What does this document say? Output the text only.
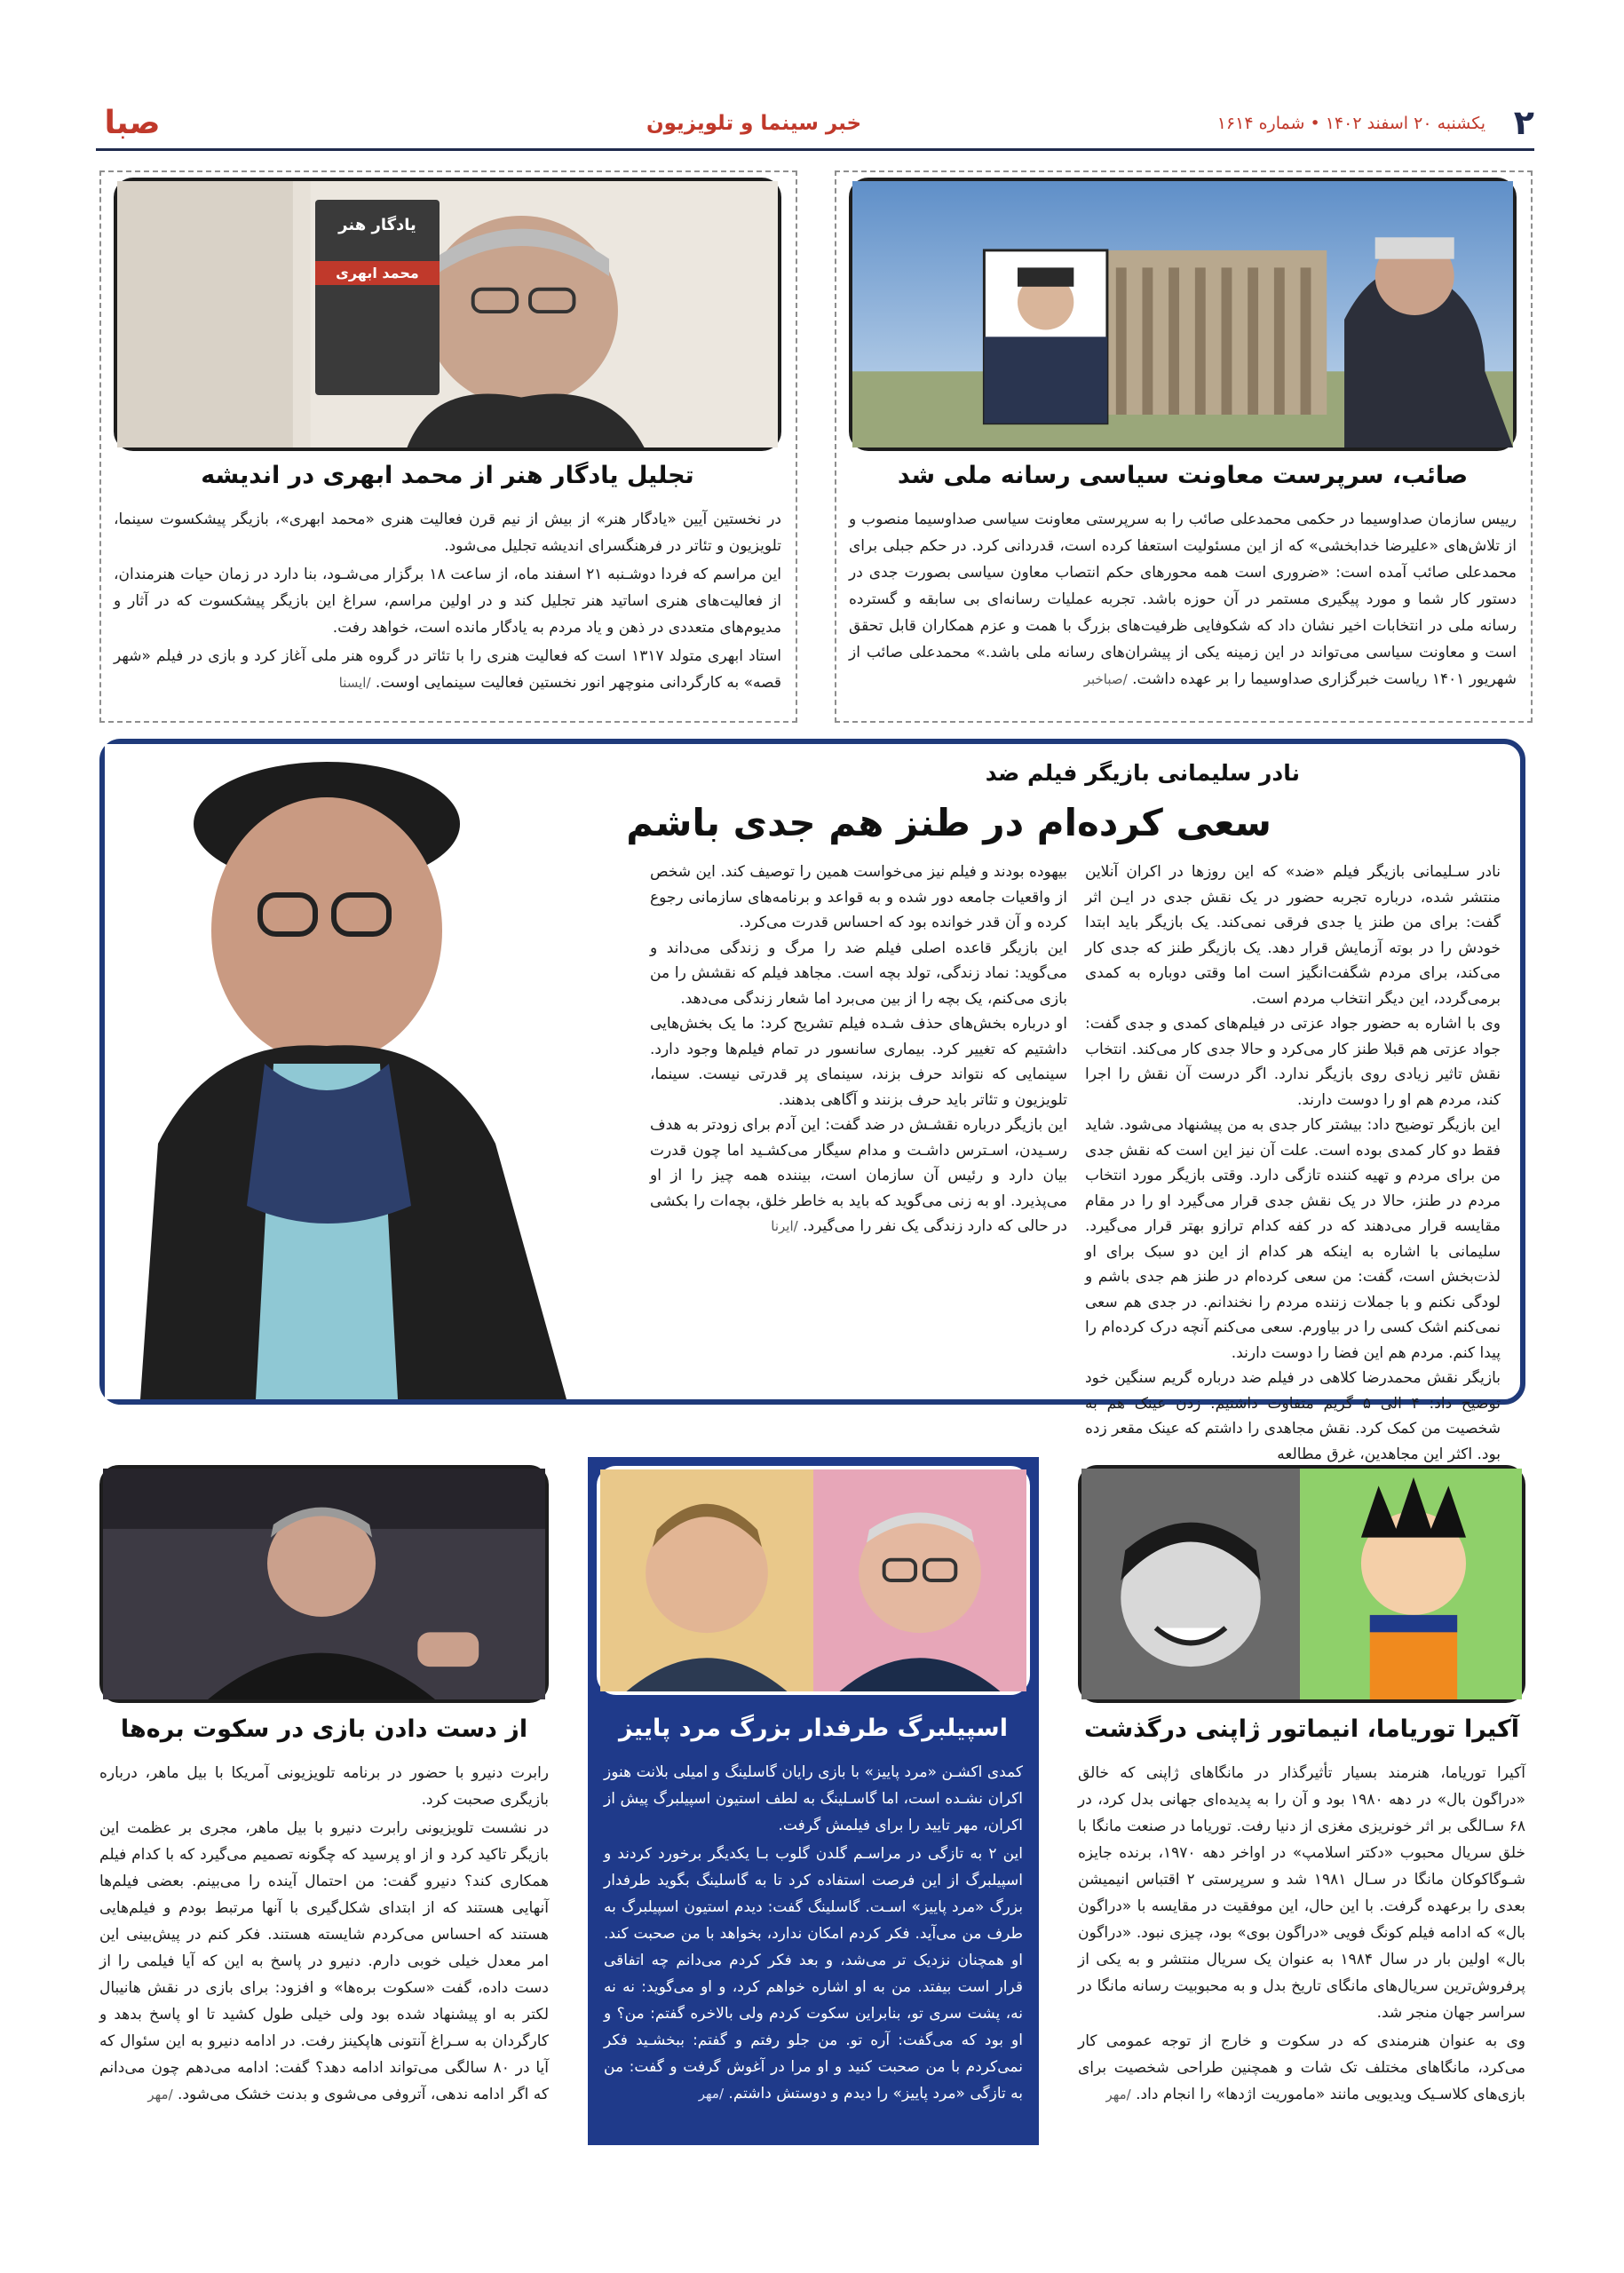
۲
یکشنبه ۲۰ اسفند ۱۴۰۲ • شماره ۱۶۱۴
خبر سینما و تلویزیون
صبا
صائب، سرپرست معاونت سیاسی رسانه ملی شد

رییس سازمان صداوسیما در حکمی محمدعلی صائب را به سرپرستی معاونت سیاسی صداوسیما منصوب و از تلاش‌های «علیرضا خدابخشی» که از این مسئولیت استعفا کرده است، قدردانی کرد. در حکم جبلی برای محمدعلی صائب آمده است: «ضروری است همه محورهای حکم انتصاب معاون سیاسی بصورت جدی در دستور کار شما و مورد پیگیری مستمر در آن حوزه باشد. تجربه عملیات رسانه‌ای بی سابقه و گسترده رسانه ملی در انتخابات اخیر نشان داد که شکوفایی ظرفیت‌های بزرگ با همت و عزم همکاران قابل تحقق است و معاونت سیاسی می‌تواند در این زمینه یکی از پیشران‌های رسانه ملی باشد.» محمدعلی صائب از شهریور ۱۴۰۱ ریاست خبرگزاری صداوسیما را بر عهده داشت. /صباخبر

یادگار هنر
محمد ابهری
تجلیل یادگار هنر از محمد ابهری در اندیشه

در نخستین آیین «یادگار هنر» از بیش از نیم قرن فعالیت هنری «محمد ابهری»، بازیگر پیشکسوت سینما، تلویزیون و تئاتر در فرهنگسرای اندیشه تجلیل می‌شود.

این مراسم که فردا دوشـنبه ۲۱ اسفند ماه، از ساعت ۱۸ برگزار می‌شـود، بنا دارد در زمان حیات هنرمندان، از فعالیت‌های هنری اساتید هنر تجلیل کند و در اولین مراسم، سراغ این بازیگر پیشکسوت که در آثار و مدیوم‌های متعددی در ذهن و یاد مردم به یادگار مانده است، خواهد رفت.

استاد ابهری متولد ۱۳۱۷ است که فعالیت هنری را با تئاتر در گروه هنر ملی آغاز کرد و بازی در فیلم «شهر قصه» به کارگردانی منوچهر انور نخستین فعالیت سینمایی اوست. /ایسنا

نادر سلیمانی بازیگر فیلم ضد
سعی کرده‌ام در طنز هم جدی باشم

نادر سـلیمانی بازیگر فیلم «ضد» که این روزها در اکران آنلاین منتشر شده، درباره تجربه حضور در یک نقش جدی در ایـن اثر گفت: برای من طنز یا جدی فرقی نمی‌کند. یک بازیگر باید ابتدا خودش را در بوته آزمایش قرار دهد. یک بازیگر طنز که جدی کار می‌کند، برای مردم شگفت‌انگیز است اما وقتی دوباره به کمدی برمی‌گردد، این دیگر انتخاب مردم است.

وی با اشاره به حضور جواد عزتی در فیلم‌های کمدی و جدی گفت: جواد عزتی هم قبلا طنز کار می‌کرد و حالا جدی کار می‌کند. انتخاب نقش تاثیر زیادی روی بازیگر ندارد. اگر درست آن نقش را اجرا کند، مردم هم او را دوست دارند.

این بازیگر توضیح داد: بیشتر کار جدی به من پیشنهاد می‌شود. شاید فقط دو کار کمدی بوده است. علت آن نیز این است که نقش جدی من برای مردم و تهیه کننده تازگی دارد. وقتی بازیگر مورد انتخاب مردم در طنز، حالا در یک نقش جدی قرار می‌گیرد او را در مقام مقایسه قرار می‌دهند که در کفه کدام ترازو بهتر قرار می‌گیرد. سلیمانی با اشاره به اینکه هر کدام از این دو سبک برای او لذت‌بخش است، گفت: من سعی کرده‌ام در طنز هم جدی باشم و لودگی نکنم و با جملات زننده مردم را نخندانم. در جدی هم سعی نمی‌کنم اشک کسی را در بیاورم. سعی می‌کنم آنچه درک کرده‌ام را پیدا کنم. مردم هم این فضا را دوست دارند.

بازیگر نقش محمدرضا کلاهی در فیلم ضد درباره گریم سنگین خود توضیح داد: ۴ الی ۵ گریم متفاوت داشتیم. زدن عینک هم به شخصیت من کمک کرد. نقش مجاهدی را داشتم که عینک مقعر زده بود. اکثر این مجاهدین، غرق مطالعه

بیهوده بودند و فیلم نیز می‌خواست همین را توصیف کند. این شخص از واقعیات جامعه دور شده و به قواعد و برنامه‌های سازمانی رجوع کرده و آن قدر خوانده بود که احساس قدرت می‌کرد.

این بازیگر قاعده اصلی فیلم ضد را مرگ و زندگی می‌داند و می‌گوید: نماد زندگی، تولد بچه است. مجاهد فیلم که نقشش را من بازی می‌کنم، یک بچه را از بین می‌برد اما شعار زندگی می‌دهد.

او درباره بخش‌های حذف شـده فیلم تشریح کرد: ما یک بخش‌هایی داشتیم که تغییر کرد. بیماری سانسور در تمام فیلم‌ها وجود دارد. سینمایی که نتواند حرف بزند، سینمای پر قدرتی نیست. سینما، تلویزیون و تئاتر باید حرف بزنند و آگاهی بدهند.

این بازیگر درباره نقشـش در ضد گفت: این آدم برای زودتر به هدف رسـیدن، اسـترس داشـت و مدام سیگار می‌کشـید اما چون قدرت بیان دارد و رئیس آن سازمان است، بیننده همه چیز را از او می‌پذیرد. او به زنی می‌گوید که باید به خاطر خلق، بچه‌ات را بکشی در حالی که دارد زندگی یک نفر را می‌گیرد. /ایرنا

آکیرا توریاما، انیماتور ژاپنی درگذشت

آکیرا توریاما، هنرمند بسیار تأثیرگذار در مانگاهای ژاپنی که خالق «دراگون بال» در دهه ۱۹۸۰ بود و آن را به پدیده‌ای جهانی بدل کرد، در ۶۸ سـالگی بر اثر خونریزی مغزی از دنیا رفت. توریاما در صنعت مانگا با خلق سریال محبوب «دکتر اسلامپ» در اواخر دهه ۱۹۷۰، برنده جایزه شـوگاکوکان مانگا در سـال ۱۹۸۱ شد و سرپرستی ۲ اقتباس انیمیشن بعدی را برعهده گرفت. با این حال، این موفقیت در مقایسه با «دراگون بال» که ادامه فیلم کونگ فویی «دراگون بوی» بود، چیزی نبود. «دراگون بال» اولین بار در سال ۱۹۸۴ به عنوان یک سریال منتشر و به یکی از پرفروش‌ترین سریال‌های مانگای تاریخ بدل و به محبوبیت رسانه مانگا در سراسر جهان منجر شد.

وی به عنوان هنرمندی که در سکوت و خارج از توجه عمومی کار می‌کرد، مانگاهای مختلف تک شات و همچنین طراحی شخصیت برای بازی‌های کلاسـیک ویدیویی مانند «ماموریت اژدها» را انجام داد. /مهر

اسپیلبرگ طرفدار بزرگ مرد پاییز

کمدی اکشـن «مرد پاییز» با بازی رایان گاسلینگ و امیلی بلانت هنوز اکران نشـده است، اما گاسـلینگ به لطف استیون اسپیلبرگ پیش از اکران، مهر تایید را برای فیلمش گرفت.

این ۲ به تازگی در مراسـم گلدن گلوب بـا یکدیگر برخورد کردند و اسپیلبرگ از این فرصت استفاده کرد تا به گاسلینگ بگوید طرفدار بزرگ «مرد پاییز» اسـت. گاسلینگ گفت: دیدم استیون اسپیلبرگ به طرف من می‌آید. فکر کردم امکان ندارد، بخواهد با من صحبت کند. او همچنان نزدیک تر می‌شد، و بعد فکر کردم می‌دانم چه اتفاقی قرار است بیفتد. من به او اشاره خواهم کرد، و او می‌گوید: نه نه نه، پشت سری تو، بنابراین سکوت کردم ولی بالاخره گفتم: من؟ و او بود که می‌گفت: آره تو. من جلو رفتم و گفتم: ببخشـید فکر نمی‌کردم با من صحبت کنید و او مرا در آغوش گرفت و گفت: من به تازگی «مرد پاییز» را دیدم و دوستش داشتم. /مهر

از دست دادن بازی در سکوت بره‌ها

رابرت دنیرو با حضور در برنامه تلویزیونی آمریکا با بیل ماهر، درباره بازیگری صحبت کرد.

در نشست تلویزیونی رابرت دنیرو با بیل ماهر، مجری بر عظمت این بازیگر تاکید کرد و از او پرسید که چگونه تصمیم می‌گیرد که با کدام فیلم همکاری کند؟ دنیرو گفت: من احتمال آینده را می‌بینم. بعضی فیلم‌ها آنهایی هستند که از ابتدای شکل‌گیری با آنها مرتبط بودم و فیلم‌هایی هستند که احساس می‌کردم شایسته هستند. فکر کنم در پیش‌بینی این امر معدل خیلی خوبی دارم. دنیرو در پاسخ به این که آیا فیلمی را از دست داده، گفت «سکوت بره‌ها» و افزود: برای بازی در نقش هانیبال لکتر به او پیشنهاد شده بود ولی خیلی طول کشید تا او پاسخ بدهد و کارگردان به سـراغ آنتونی هاپکینز رفت. در ادامه دنیرو به این سئوال که آیا در ۸۰ سالگی می‌تواند ادامه دهد؟ گفت: ادامه می‌دهم چون می‌دانم که اگر ادامه ندهی، آتروفی می‌شوی و بدنت خشک می‌شود. /مهر
